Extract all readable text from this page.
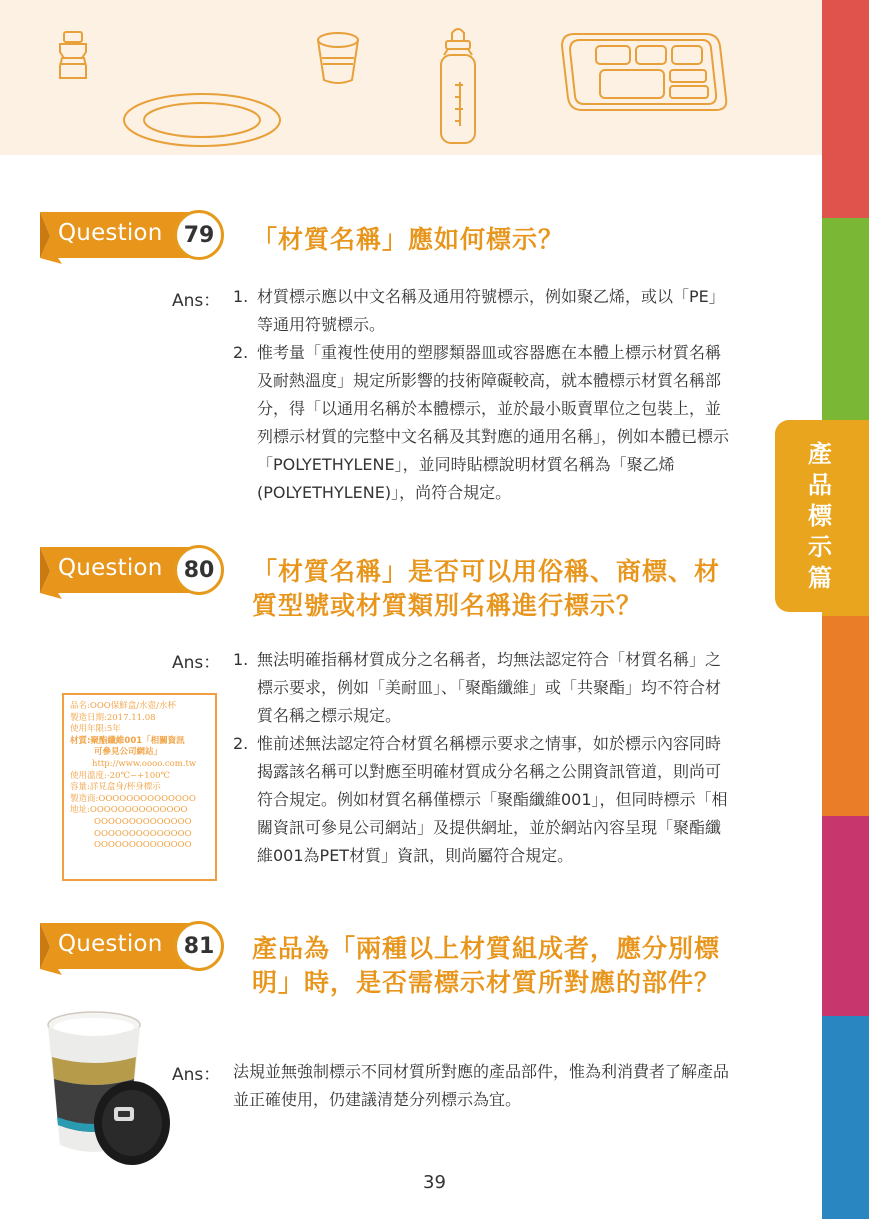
產品標示篇
Question 79 「材質名稱」應如何標示？
Ans： 1. 材質標示應以中文名稱及通用符號標示，例如聚乙烯，或以「PE」等通用符號標示。
2. 惟考量「重複性使用的塑膠類器皿或容器應在本體上標示材質名稱及耐熱溫度」規定所影響的技術障礙較高，就本體標示材質名稱部分，得「以通用名稱於本體標示，並於最小販賣單位之包裝上，並列標示材質的完整中文名稱及其對應的通用名稱」，例如本體已標示「POLYETHYLENE」，並同時貼標說明材質名稱為「聚乙烯(POLYETHYLENE)」，尚符合規定。
Question 80 「材質名稱」是否可以用俗稱、商標、材質型號或材質類別名稱進行標示？
Ans： 1. 無法明確指稱材質成分之名稱者，均無法認定符合「材質名稱」之標示要求，例如「美耐皿」、「聚酯纖維」或「共聚酯」均不符合材質名稱之標示規定。
2. 惟前述無法認定符合材質名稱標示要求之情事，如於標示內容同時揭露該名稱可以對應至明確材質成分名稱之公開資訊管道，則尚可符合規定。例如材質名稱僅標示「聚酯纖維001」，但同時標示「相關資訊可參見公司網站」及提供網址，並於網站內容呈現「聚酯纖維001為PET材質」資訊，則尚屬符合規定。
品名:OOO保鮮盒/水壺/水杯
製造日期:2017.11.08
使用年限:5年
材質:聚酯纖維001「相關資訊
可參見公司網站」
http://www.oooo.com.tw
使用溫度:-20℃~+100℃
容量:詳見盒身/杯身標示
製造商:OOOOOOOOOOOOOO
地址:OOOOOOOOOOOOOO
OOOOOOOOOOOOOO
OOOOOOOOOOOOOO
OOOOOOOOOOOOOO
Question 81 產品為「兩種以上材質組成者，應分別標明」時，是否需標示材質所對應的部件？
Ans： 法規並無強制標示不同材質所對應的產品部件，惟為利消費者了解產品並正確使用，仍建議清楚分列標示為宜。
39
